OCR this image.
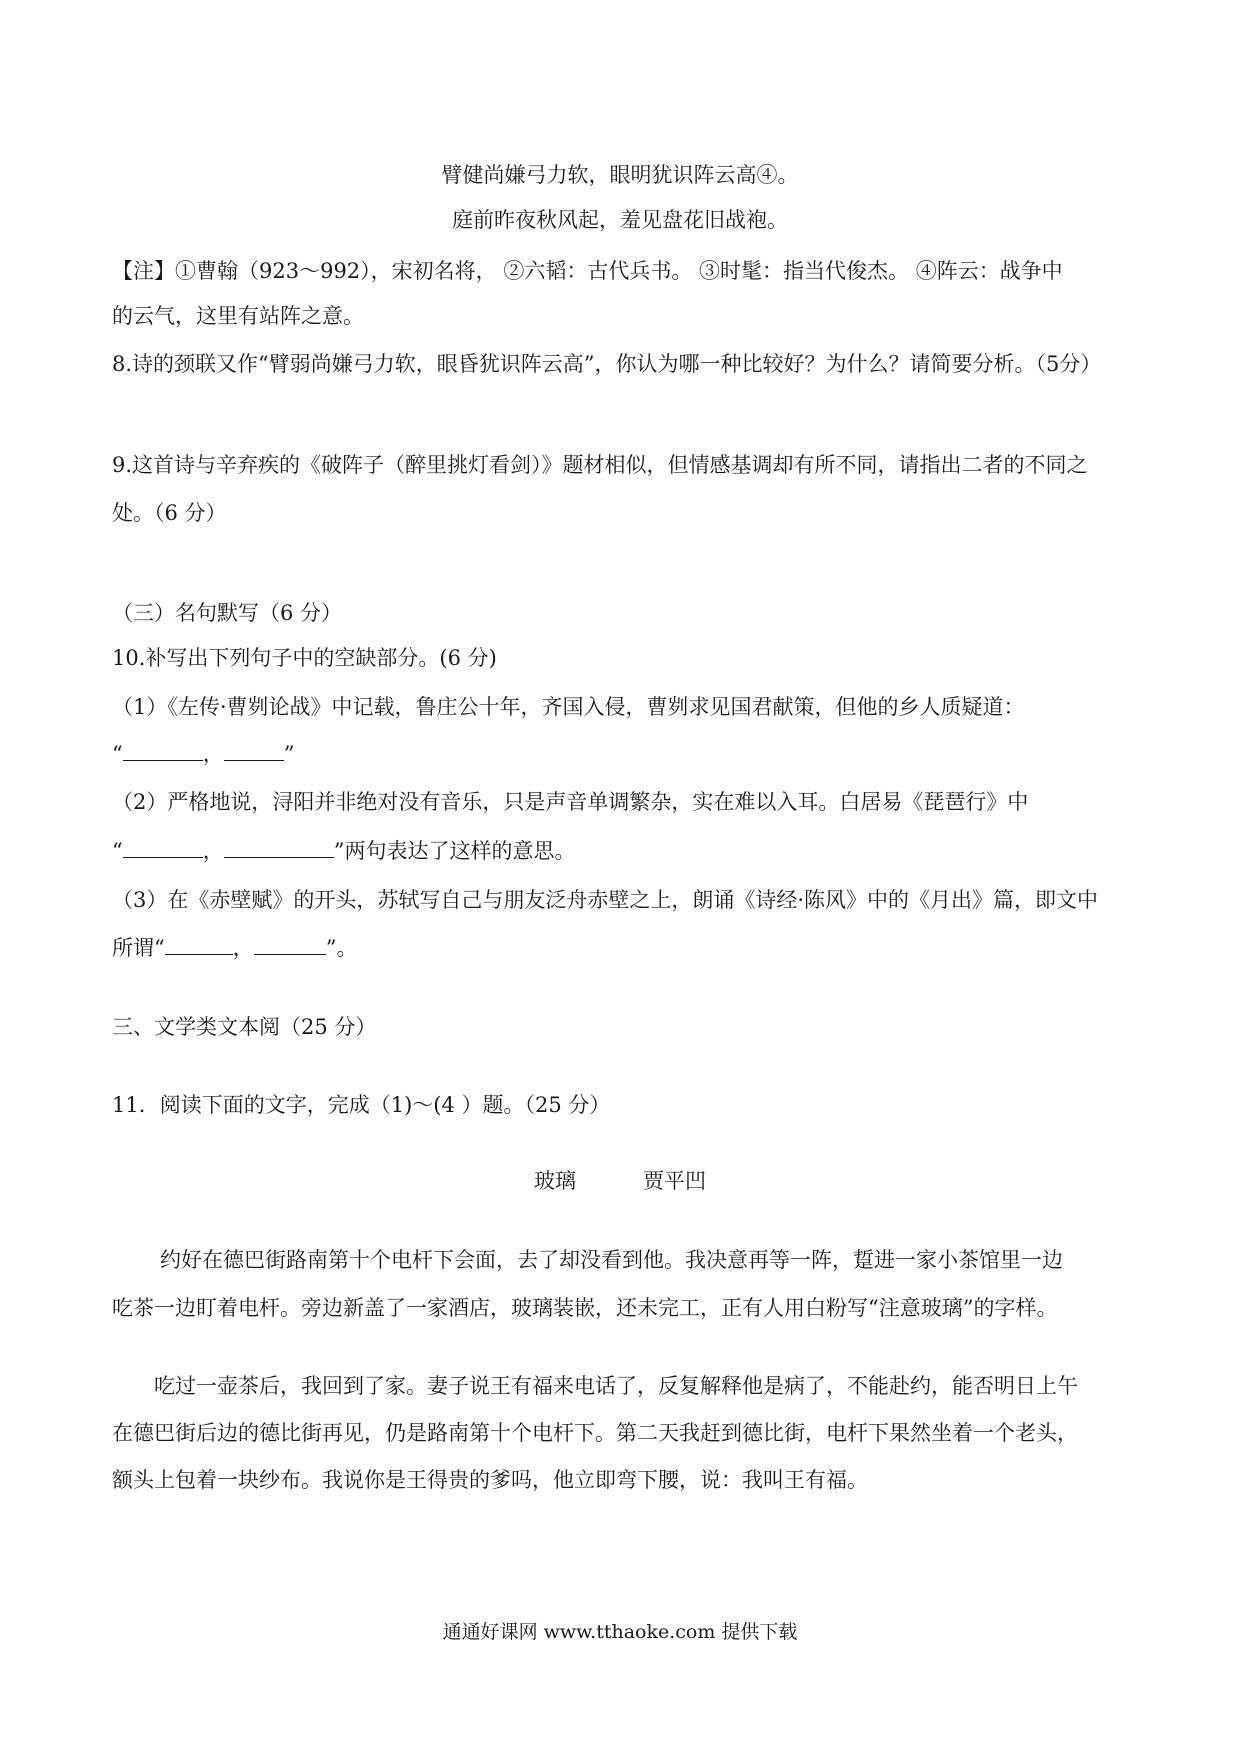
臂健尚嫌弓力软，眼明犹识阵云高④。
庭前昨夜秋风起，羞见盘花旧战袍。
【注】①曹翰（923～992），宋初名将， ②六韬：古代兵书。 ③时髦：指当代俊杰。 ④阵云：战争中
的云气，这里有站阵之意。
8.诗的颈联又作“臂弱尚嫌弓力软，眼昏犹识阵云高”，你认为哪一种比较好？为什么？请简要分析。（5分）
9.这首诗与辛弃疾的《破阵子（醉里挑灯看剑）》题材相似，但情感基调却有所不同，请指出二者的不同之
处。（6 分）
（三）名句默写（6 分）
10.补写出下列句子中的空缺部分。(6 分)
（1）《左传·曹刿论战》中记载，鲁庄公十年，齐国入侵，曹刿求见国君献策，但他的乡人质疑道：
“	，	”
（2）严格地说，浔阳并非绝对没有音乐，只是声音单调繁杂，实在难以入耳。白居易《琵琶行》中
“	，	”两句表达了这样的意思。
（3）在《赤壁赋》的开头，苏轼写自己与朋友泛舟赤壁之上，朗诵《诗经·陈风》中的《月出》篇，即文中
所谓“	，	”。
三、文学类文本阅（25 分）
11．阅读下面的文字，完成（1)～(4 ）题。（25 分）
玻璃	贾平凹
约好在德巴街路南第十个电杆下会面，去了却没看到他。我决意再等一阵，踅进一家小茶馆里一边
吃茶一边盯着电杆。旁边新盖了一家酒店，玻璃装嵌，还未完工，正有人用白粉写“注意玻璃”的字样。
吃过一壶茶后，我回到了家。妻子说王有福来电话了，反复解释他是病了，不能赴约，能否明日上午
在德巴街后边的德比街再见，仍是路南第十个电杆下。第二天我赶到德比街，电杆下果然坐着一个老头，
额头上包着一块纱布。我说你是王得贵的爹吗，他立即弯下腰，说：我叫王有福。
通通好课网 www.tthaoke.com 提供下载
